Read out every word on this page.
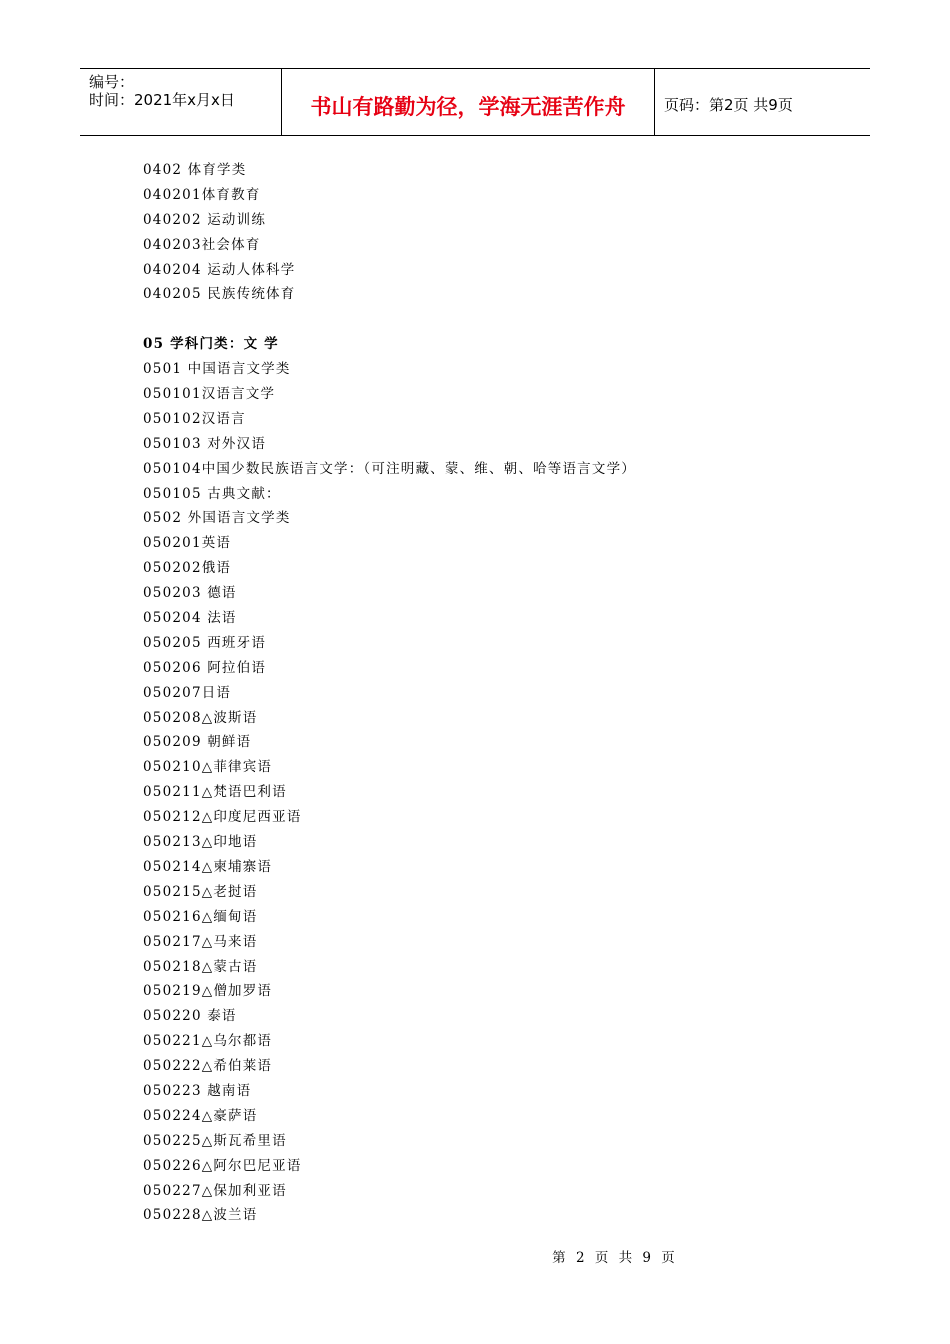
编号：
时间：2021年x月x日	书山有路勤为径，学海无涯苦作舟	页码：第2页 共9页
0402 体育学类
040201体育教育
040202 运动训练
040203社会体育
040204 运动人体科学
040205 民族传统体育
05 学科门类：文 学
0501 中国语言文学类
050101汉语言文学
050102汉语言
050103 对外汉语
050104中国少数民族语言文学：（可注明藏、蒙、维、朝、哈等语言文学）
050105 古典文献：
0502 外国语言文学类
050201英语
050202俄语
050203 德语
050204 法语
050205 西班牙语
050206 阿拉伯语
050207日语
050208△波斯语
050209 朝鲜语
050210△菲律宾语
050211△梵语巴利语
050212△印度尼西亚语
050213△印地语
050214△柬埔寨语
050215△老挝语
050216△缅甸语
050217△马来语
050218△蒙古语
050219△僧加罗语
050220 泰语
050221△乌尔都语
050222△希伯莱语
050223 越南语
050224△豪萨语
050225△斯瓦希里语
050226△阿尔巴尼亚语
050227△保加利亚语
050228△波兰语
第 2 页 共 9 页
